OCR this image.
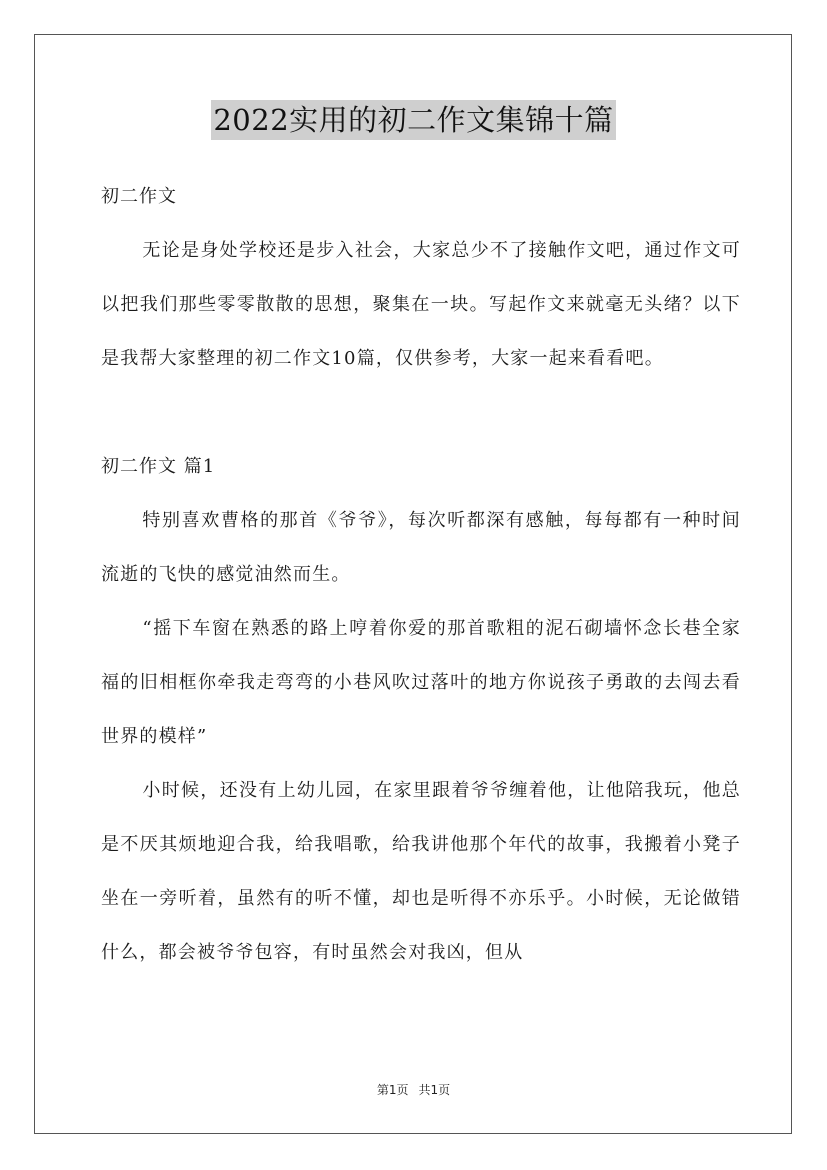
2022实用的初二作文集锦十篇

初二作文

无论是身处学校还是步入社会，大家总少不了接触作文吧，通过作文可以把我们那些零零散散的思想，聚集在一块。写起作文来就毫无头绪？以下是我帮大家整理的初二作文10篇，仅供参考，大家一起来看看吧。

初二作文 篇1

特别喜欢曹格的那首《爷爷》，每次听都深有感触，每每都有一种时间流逝的飞快的感觉油然而生。

“摇下车窗在熟悉的路上哼着你爱的那首歌粗的泥石砌墙怀念长巷全家福的旧相框你牵我走弯弯的小巷风吹过落叶的地方你说孩子勇敢的去闯去看世界的模样”

小时候，还没有上幼儿园，在家里跟着爷爷缠着他，让他陪我玩，他总是不厌其烦地迎合我，给我唱歌，给我讲他那个年代的故事，我搬着小凳子坐在一旁听着，虽然有的听不懂，却也是听得不亦乐乎。小时候，无论做错什么，都会被爷爷包容，有时虽然会对我凶，但从

第1页 共1页
